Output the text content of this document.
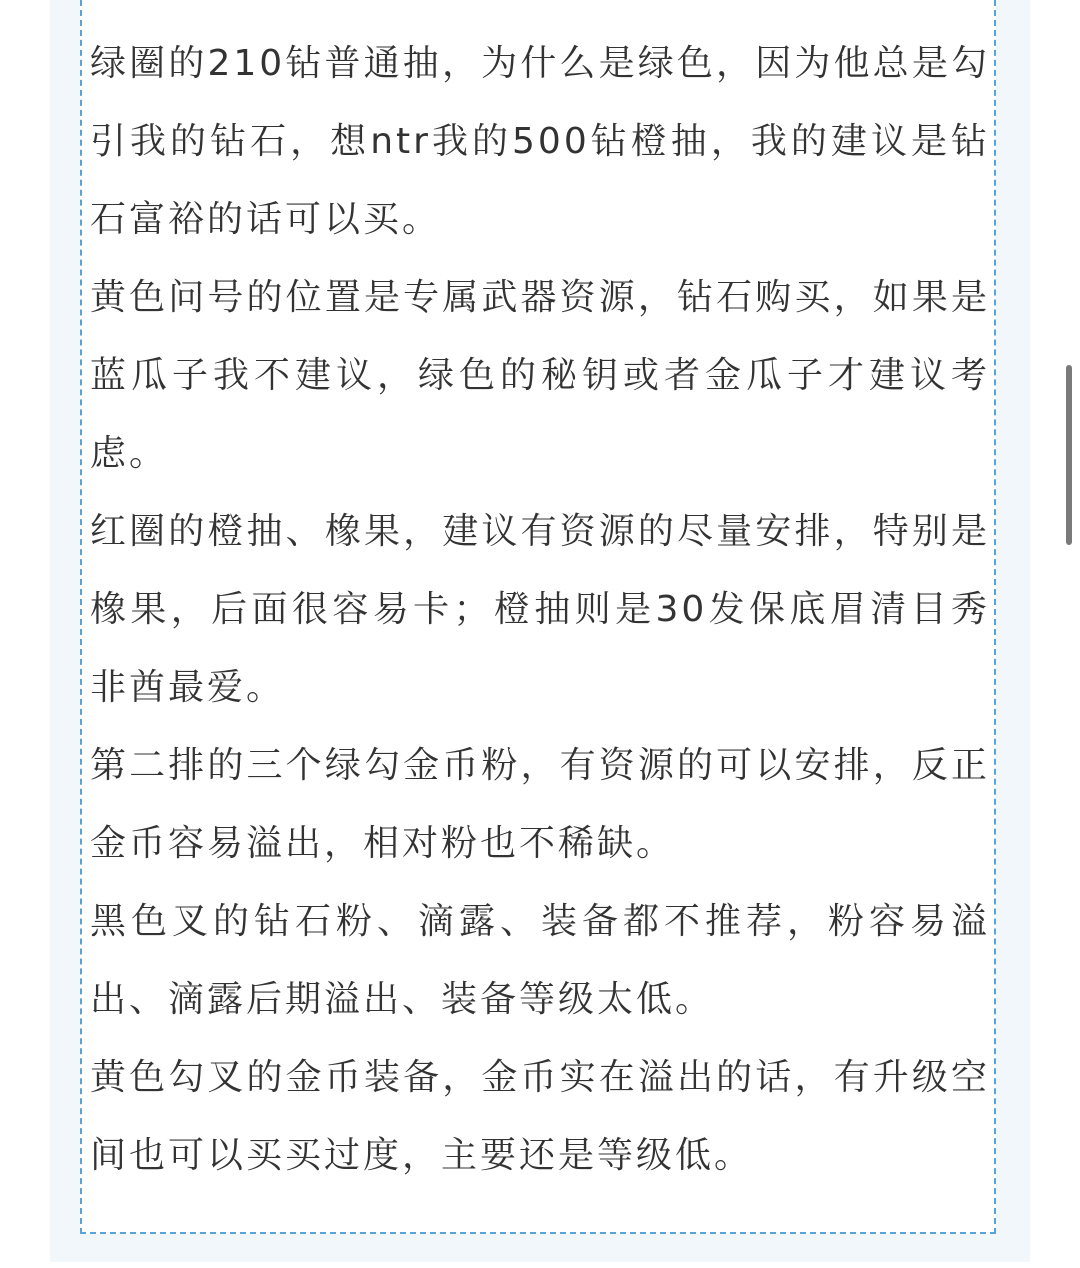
绿圈的210钻普通抽，为什么是绿色，因为他总是勾引我的钻石，想ntr我的500钻橙抽，我的建议是钻石富裕的话可以买。

黄色问号的位置是专属武器资源，钻石购买，如果是蓝瓜子我不建议，绿色的秘钥或者金瓜子才建议考虑。

红圈的橙抽、橡果，建议有资源的尽量安排，特别是橡果，后面很容易卡；橙抽则是30发保底眉清目秀非酋最爱。

第二排的三个绿勾金币粉，有资源的可以安排，反正金币容易溢出，相对粉也不稀缺。

黑色叉的钻石粉、滴露、装备都不推荐，粉容易溢出、滴露后期溢出、装备等级太低。

黄色勾叉的金币装备，金币实在溢出的话，有升级空间也可以买买过度，主要还是等级低。
